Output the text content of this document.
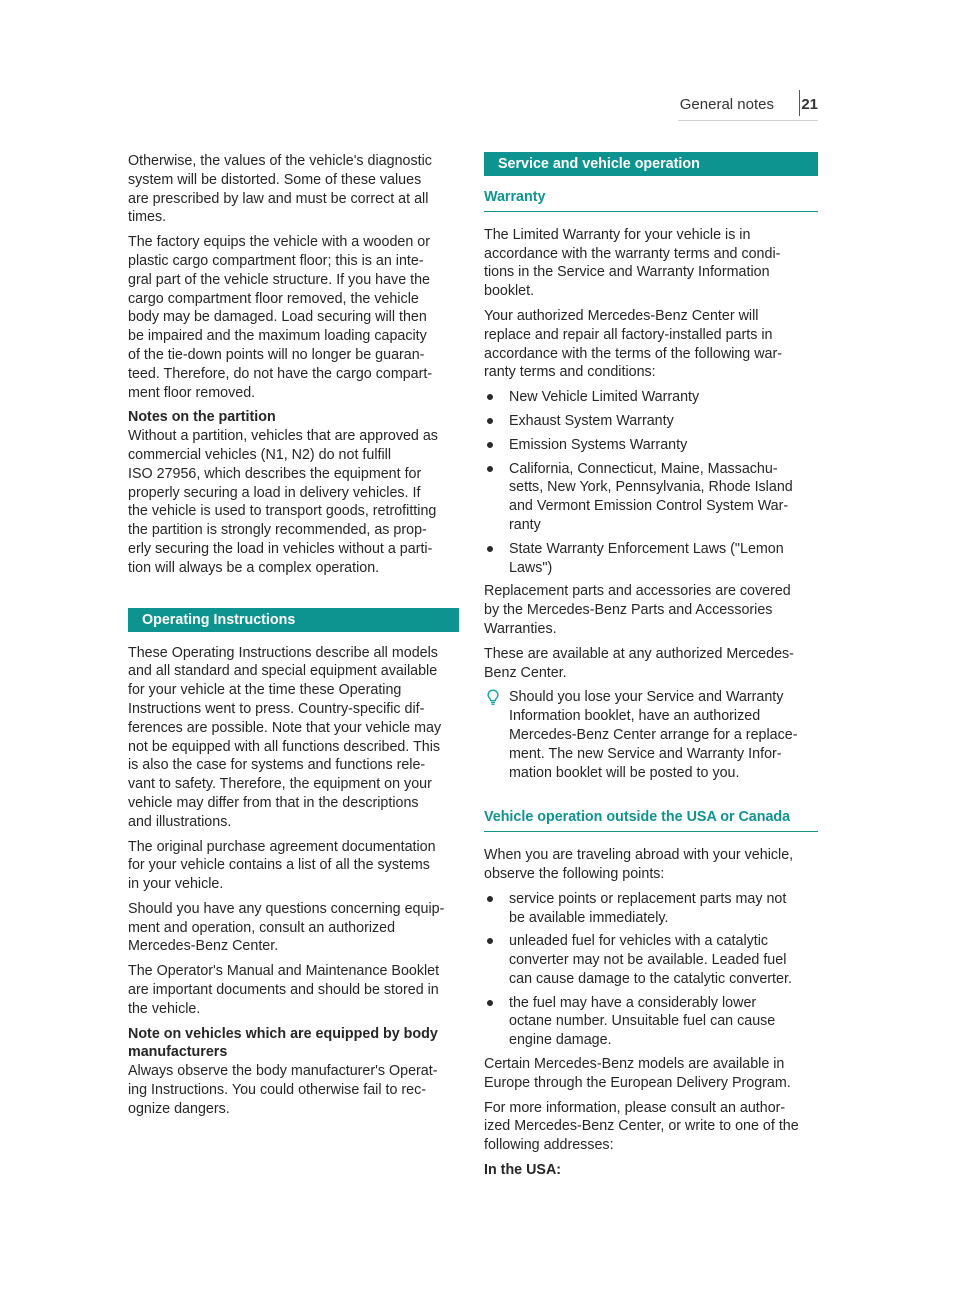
General notes 21

Otherwise, the values of the vehicle's diagnostic
system will be distorted. Some of these values
are prescribed by law and must be correct at all
times.

The factory equips the vehicle with a wooden or
plastic cargo compartment floor; this is an inte-
gral part of the vehicle structure. If you have the
cargo compartment floor removed, the vehicle
body may be damaged. Load securing will then
be impaired and the maximum loading capacity
of the tie-down points will no longer be guaran-
teed. Therefore, do not have the cargo compart-
ment floor removed.

Notes on the partition

Without a partition, vehicles that are approved as
commercial vehicles (N1, N2) do not fulfill
ISO 27956, which describes the equipment for
properly securing a load in delivery vehicles. If
the vehicle is used to transport goods, retrofitting
the partition is strongly recommended, as prop-
erly securing the load in vehicles without a parti-
tion will always be a complex operation.

Operating Instructions

These Operating Instructions describe all models
and all standard and special equipment available
for your vehicle at the time these Operating
Instructions went to press. Country-specific dif-
ferences are possible. Note that your vehicle may
not be equipped with all functions described. This
is also the case for systems and functions rele-
vant to safety. Therefore, the equipment on your
vehicle may differ from that in the descriptions
and illustrations.

The original purchase agreement documentation
for your vehicle contains a list of all the systems
in your vehicle.

Should you have any questions concerning equip-
ment and operation, consult an authorized
Mercedes-Benz Center.

The Operator's Manual and Maintenance Booklet
are important documents and should be stored in
the vehicle.

Note on vehicles which are equipped by body
manufacturers

Always observe the body manufacturer's Operat-
ing Instructions. You could otherwise fail to rec-
ognize dangers.

Service and vehicle operation
Warranty

The Limited Warranty for your vehicle is in
accordance with the warranty terms and condi-
tions in the Service and Warranty Information
booklet.

Your authorized Mercedes-Benz Center will
replace and repair all factory-installed parts in
accordance with the terms of the following war-
ranty terms and conditions:

New Vehicle Limited Warranty
Exhaust System Warranty
Emission Systems Warranty
California, Connecticut, Maine, Massachu-
setts, New York, Pennsylvania, Rhode Island
and Vermont Emission Control System War-
ranty
State Warranty Enforcement Laws ("Lemon
Laws")

Replacement parts and accessories are covered
by the Mercedes-Benz Parts and Accessories
Warranties.

These are available at any authorized Mercedes-
Benz Center.

Should you lose your Service and Warranty
Information booklet, have an authorized
Mercedes-Benz Center arrange for a replace-
ment. The new Service and Warranty Infor-
mation booklet will be posted to you.
Vehicle operation outside the USA or Canada

When you are traveling abroad with your vehicle,
observe the following points:

service points or replacement parts may not
be available immediately.
unleaded fuel for vehicles with a catalytic
converter may not be available. Leaded fuel
can cause damage to the catalytic converter.
the fuel may have a considerably lower
octane number. Unsuitable fuel can cause
engine damage.

Certain Mercedes-Benz models are available in
Europe through the European Delivery Program.

For more information, please consult an author-
ized Mercedes-Benz Center, or write to one of the
following addresses:

In the USA:
